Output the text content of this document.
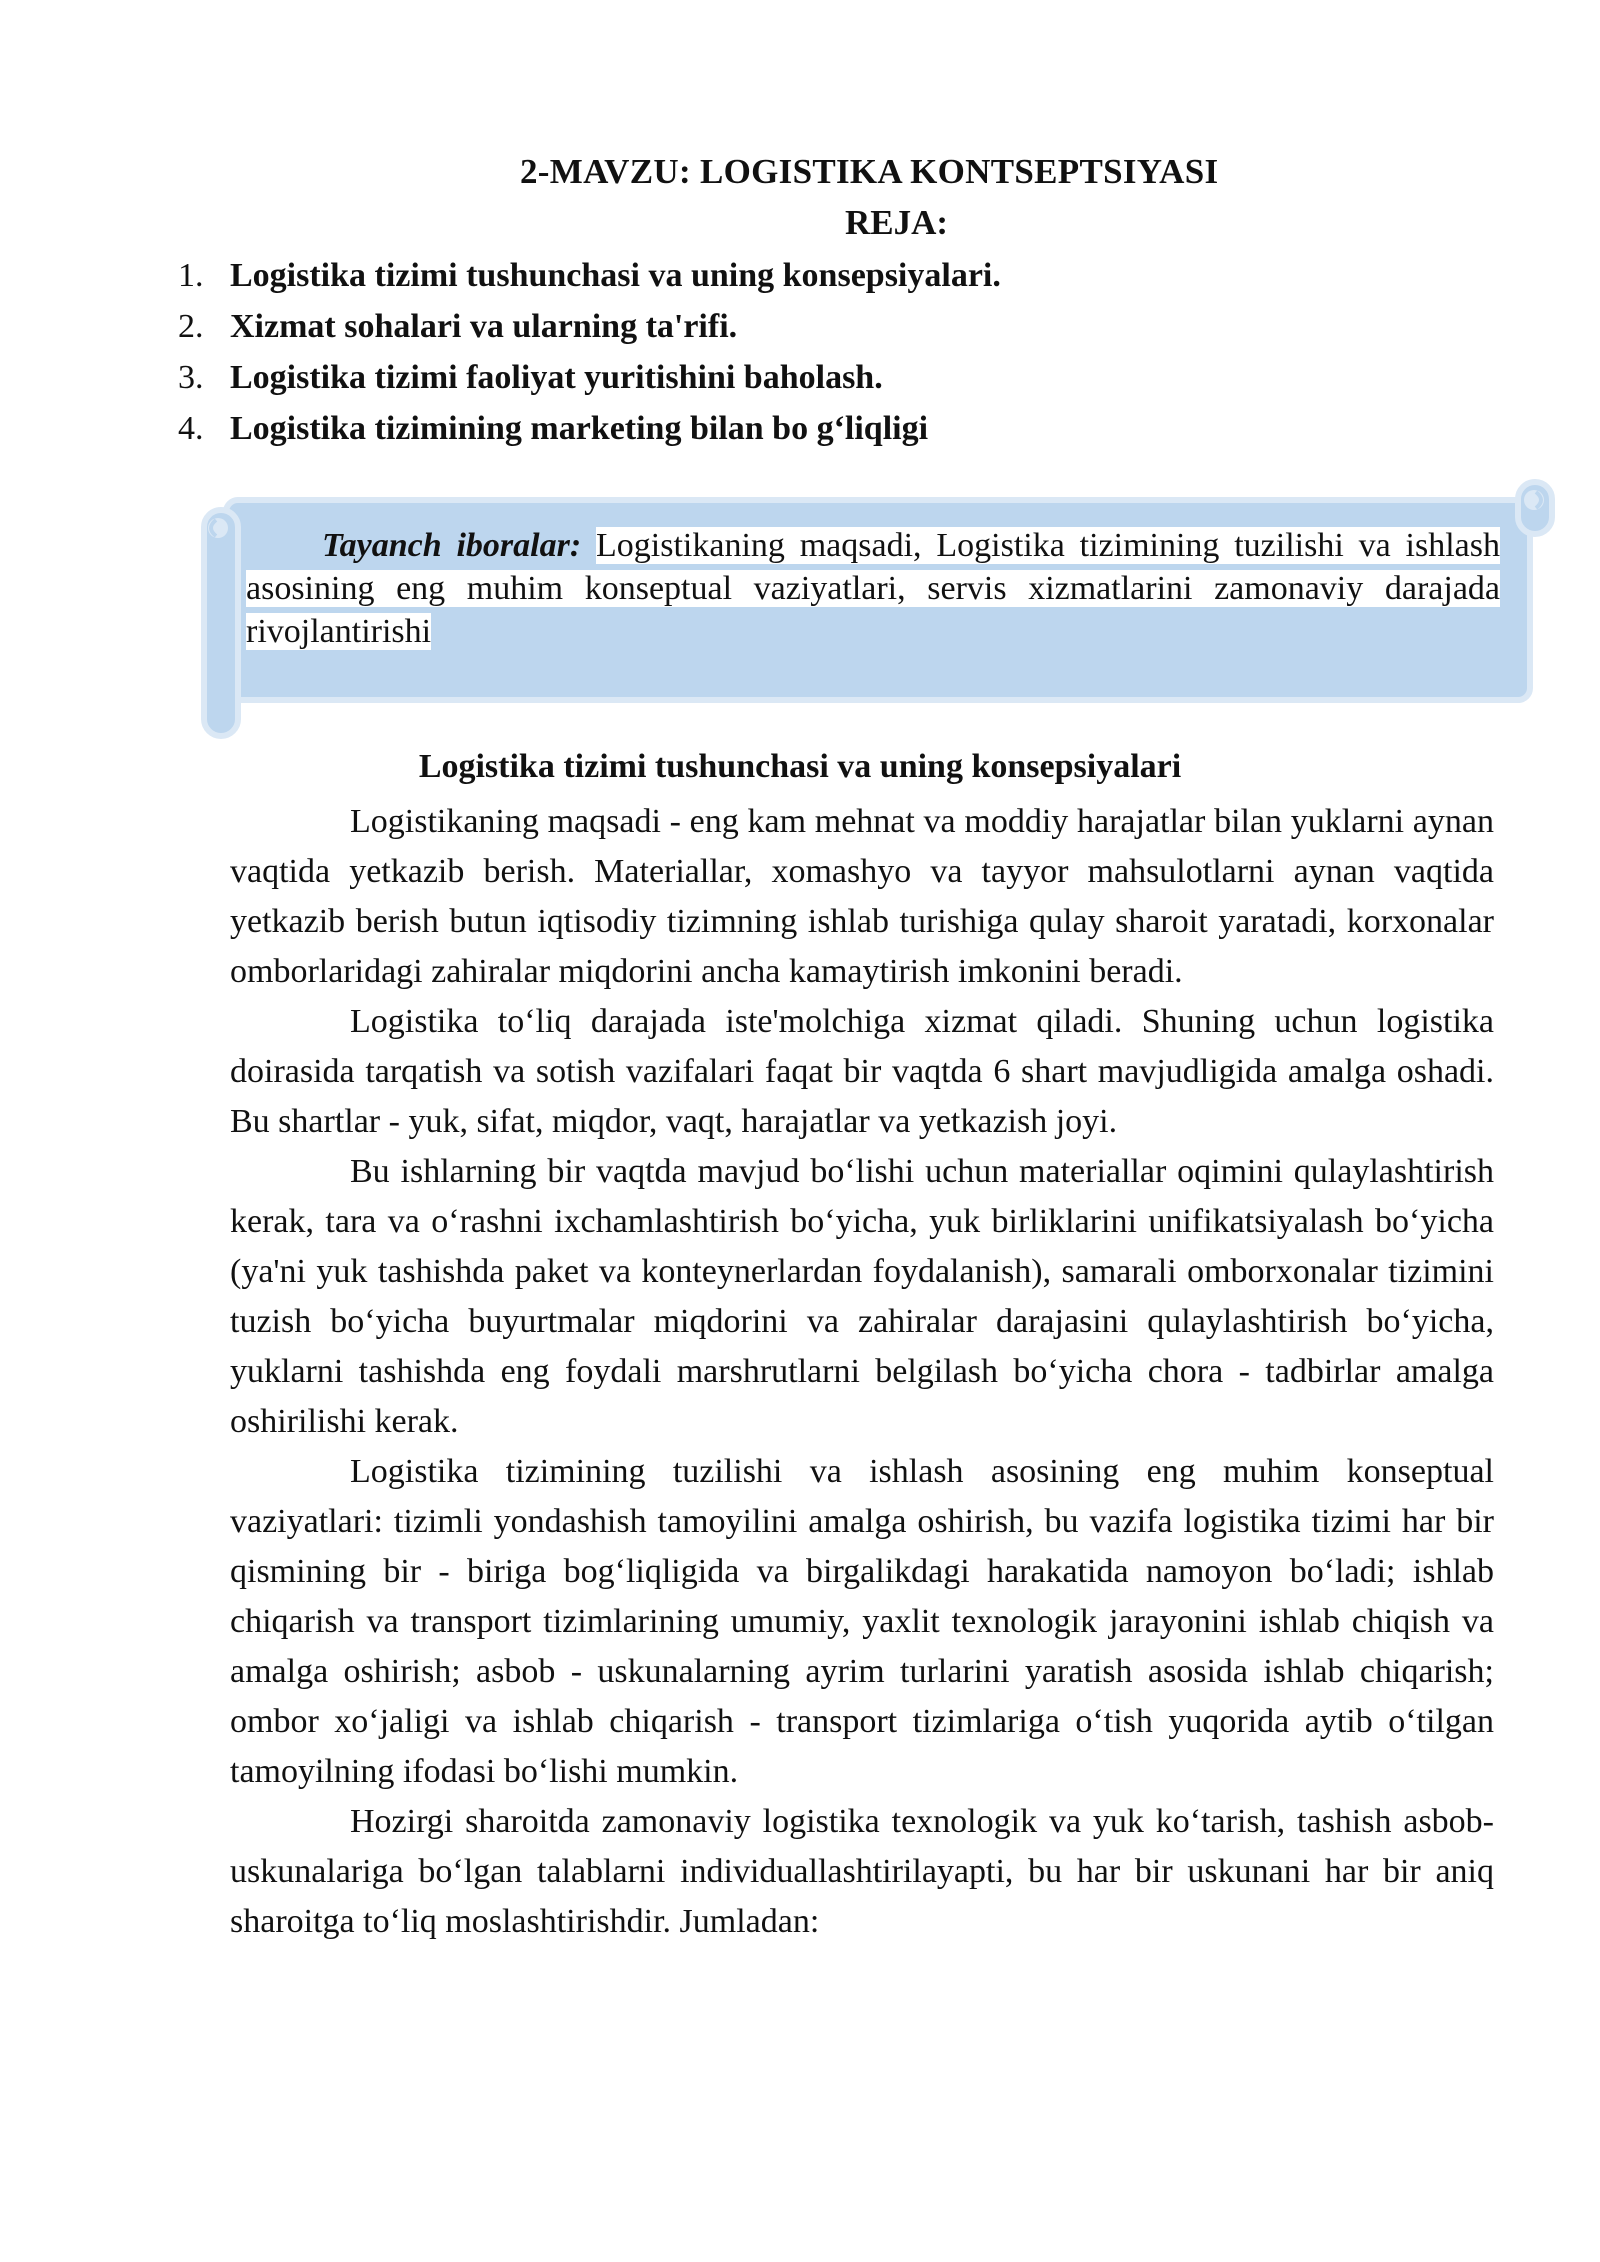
2-MAVZU: LOGISTIKA KONTSEPTSIYASI
REJA:
1. Logistika tizimi tushunchasi va uning konsepsiyalari.
2. Xizmat sohalari va ularning ta'rifi.
3. Logistika tizimi faoliyat yuritishini baholash.
4. Logistika tizimining marketing bilan bo g‘liqligi
Tayanch iboralar: Logistikaning maqsadi, Logistika tizimining tuzilishi va ishlash asosining eng muhim konseptual vaziyatlari, servis xizmatlarini zamonaviy darajada rivojlantirishi
Logistika tizimi tushunchasi va uning konsepsiyalari

Logistikaning maqsadi - eng kam mehnat va moddiy harajatlar bilan yuklarni aynan vaqtida yetkazib berish. Materiallar, xomashyo va tayyor mahsulotlarni aynan vaqtida yetkazib berish butun iqtisodiy tizimning ishlab turishiga qulay sharoit yaratadi, korxonalar omborlaridagi zahiralar miqdorini ancha kamaytirish imkonini beradi.

Logistika to‘liq darajada iste'molchiga xizmat qiladi. Shuning uchun logistika doirasida tarqatish va sotish vazifalari faqat bir vaqtda 6 shart mavjudligida amalga oshadi. Bu shartlar - yuk, sifat, miqdor, vaqt, harajatlar va yetkazish joyi.

Bu ishlarning bir vaqtda mavjud bo‘lishi uchun materiallar oqimini qulaylashtirish kerak, tara va o‘rashni ixchamlashtirish bo‘yicha, yuk birliklarini unifikatsiyalash bo‘yicha (ya'ni yuk tashishda paket va konteynerlardan foydalanish), samarali omborxonalar tizimini tuzish bo‘yicha buyurtmalar miqdorini va zahiralar darajasini qulaylashtirish bo‘yicha, yuklarni tashishda eng foydali marshrutlarni belgilash bo‘yicha chora - tadbirlar amalga oshirilishi kerak.

Logistika tizimining tuzilishi va ishlash asosining eng muhim konseptual vaziyatlari: tizimli yondashish tamoyilini amalga oshirish, bu vazifa logistika tizimi har bir qismining bir - biriga bog‘liqligida va birgalikdagi harakatida namoyon bo‘ladi; ishlab chiqarish va transport tizimlarining umumiy, yaxlit texnologik jarayonini ishlab chiqish va amalga oshirish; asbob - uskunalarning ayrim turlarini yaratish asosida ishlab chiqarish; ombor xo‘jaligi va ishlab chiqarish - transport tizimlariga o‘tish yuqorida aytib o‘tilgan tamoyilning ifodasi bo‘lishi mumkin.

Hozirgi sharoitda zamonaviy logistika texnologik va yuk ko‘tarish, tashish asbob-uskunalariga bo‘lgan talablarni individuallashtirilayapti, bu har bir uskunani har bir aniq sharoitga to‘liq moslashtirishdir. Jumladan:
